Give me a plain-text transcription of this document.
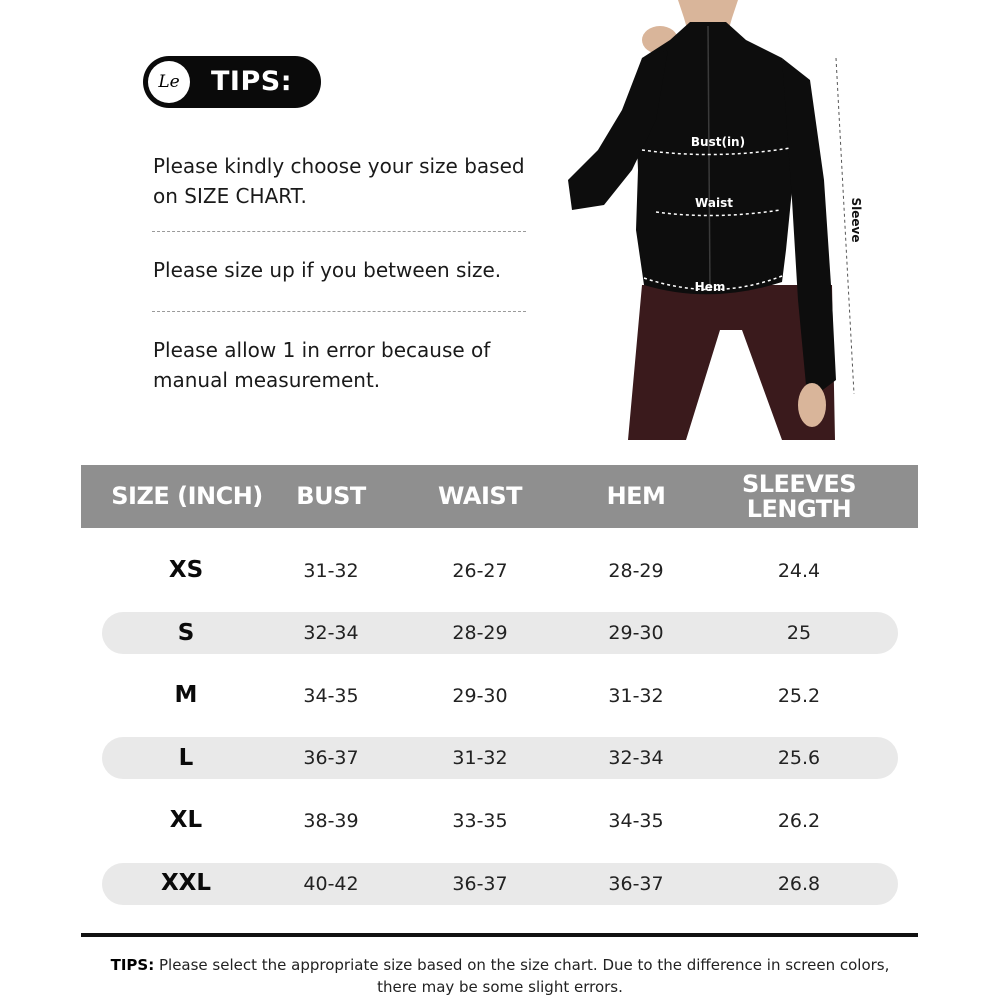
Le	TIPS:
Please kindly choose your size based on SIZE CHART.
Please size up if you between size.
Please allow 1 in error because of manual measurement.
Bust(in)
Waist
Hem
Sleeve
SIZE (INCH)	BUST	WAIST	HEM	SLEEVES
LENGTH
XS	31-32	26-27	28-29	24.4
S	32-34	28-29	29-30	25
M	34-35	29-30	31-32	25.2
L	36-37	31-32	32-34	25.6
XL	38-39	33-35	34-35	26.2
XXL	40-42	36-37	36-37	26.8
TIPS: Please select the appropriate size based on the size chart. Due to the difference in screen colors, there may be some slight errors.
